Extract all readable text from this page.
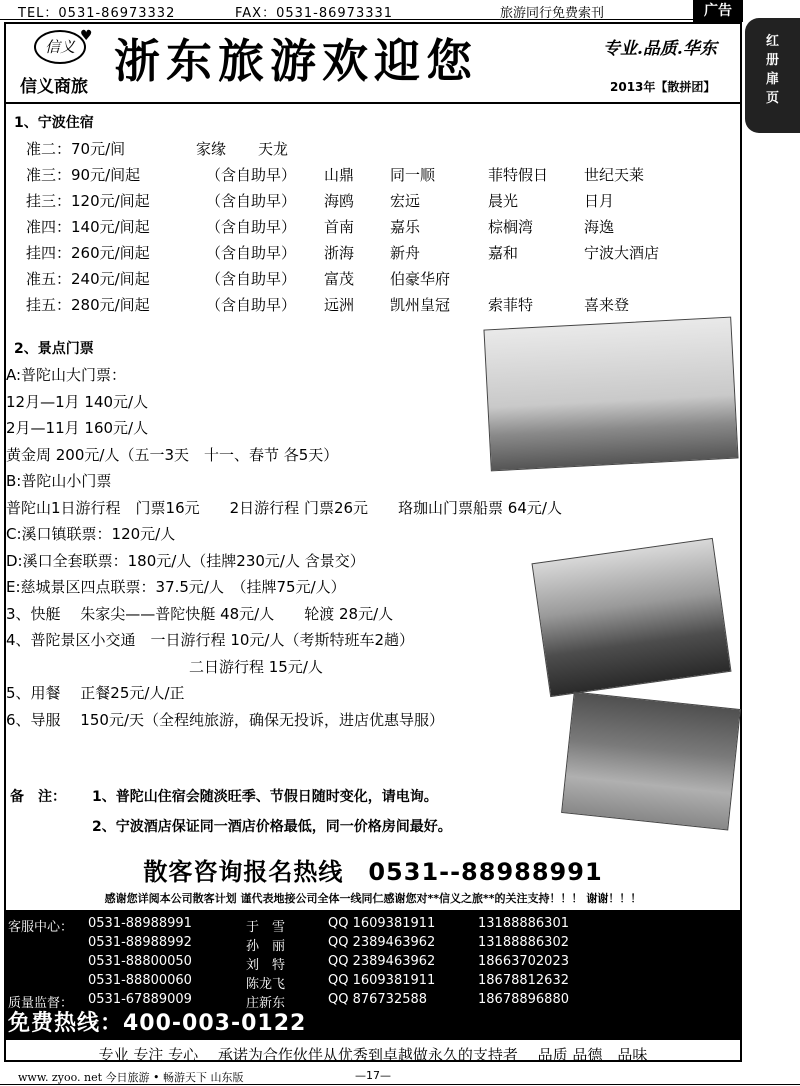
TEL：0531-86973332	FAX：0531-86973331	旅游同行免费索刊	广告
红册扉页
信义
♥
信义商旅 浙东旅游欢迎您	专业.品质.华东
2013年【散拼团】
1、宁波住宿
准二：70元/间	家缘 天龙
准三：90元/间起	（含自助早） 山鼎 同一顺	菲特假日 世纪天莱
挂三：120元/间起	（含自助早） 海鸥 宏远	晨光	日月
准四：140元/间起	（含自助早） 首南 嘉乐	棕榈湾	海逸
挂四：260元/间起	（含自助早） 浙海 新舟	嘉和	宁波大酒店
准五：240元/间起	（含自助早） 富茂 伯豪华府
挂五：280元/间起	（含自助早） 远洲 凯州皇冠	索菲特	喜来登
2、景点门票
A:普陀山大门票：
12月—1月 140元/人
2月—11月 160元/人
黄金周 200元/人（五一3天　十一、春节 各5天）
B:普陀山小门票
普陀山1日游行程　门票16元　　2日游行程 门票26元　　珞珈山门票船票 64元/人
C:溪口镇联票：120元/人
D:溪口全套联票：180元/人（挂牌230元/人 含景交）
E:慈城景区四点联票：37.5元/人　（挂牌75元/人）
3、快艇　 朱家尖——普陀快艇 48元/人　　轮渡 28元/人
4、普陀景区小交通　一日游行程 10元/人（考斯特班车2趟）
二日游行程 15元/人
5、用餐　 正餐25元/人/正
6、导服　 150元/天（全程纯旅游，确保无投诉，进店优惠导服）
备　注：	1、普陀山住宿会随淡旺季、节假日随时变化，请电询。
2、宁波酒店保证同一酒店价格最低，同一价格房间最好。
散客咨询报名热线　0531--88988991
感谢您详阅本公司散客计划 谨代表地接公司全体一线同仁感谢您对**信义之旅**的关注支持！！！ 谢谢！！！
客服中心：
质量监督：
0531-88988991	于　雪	QQ 1609381911	13188886301
0531-88988992	孙　丽	QQ 2389463962	13188886302
0531-88800050	刘　特	QQ 2389463962	18663702023
0531-88800060	陈龙飞	QQ 1609381911	18678812632
0531-67889009	庄新东	QQ 876732588	18678896880
免费热线：400-003-0122
专业 专注 专心　 承诺为合作伙伴从优秀到卓越做永久的支持者　 品质 品德　品味
www. zyoo. net 今日旅游 • 畅游天下 山东版	—17—
